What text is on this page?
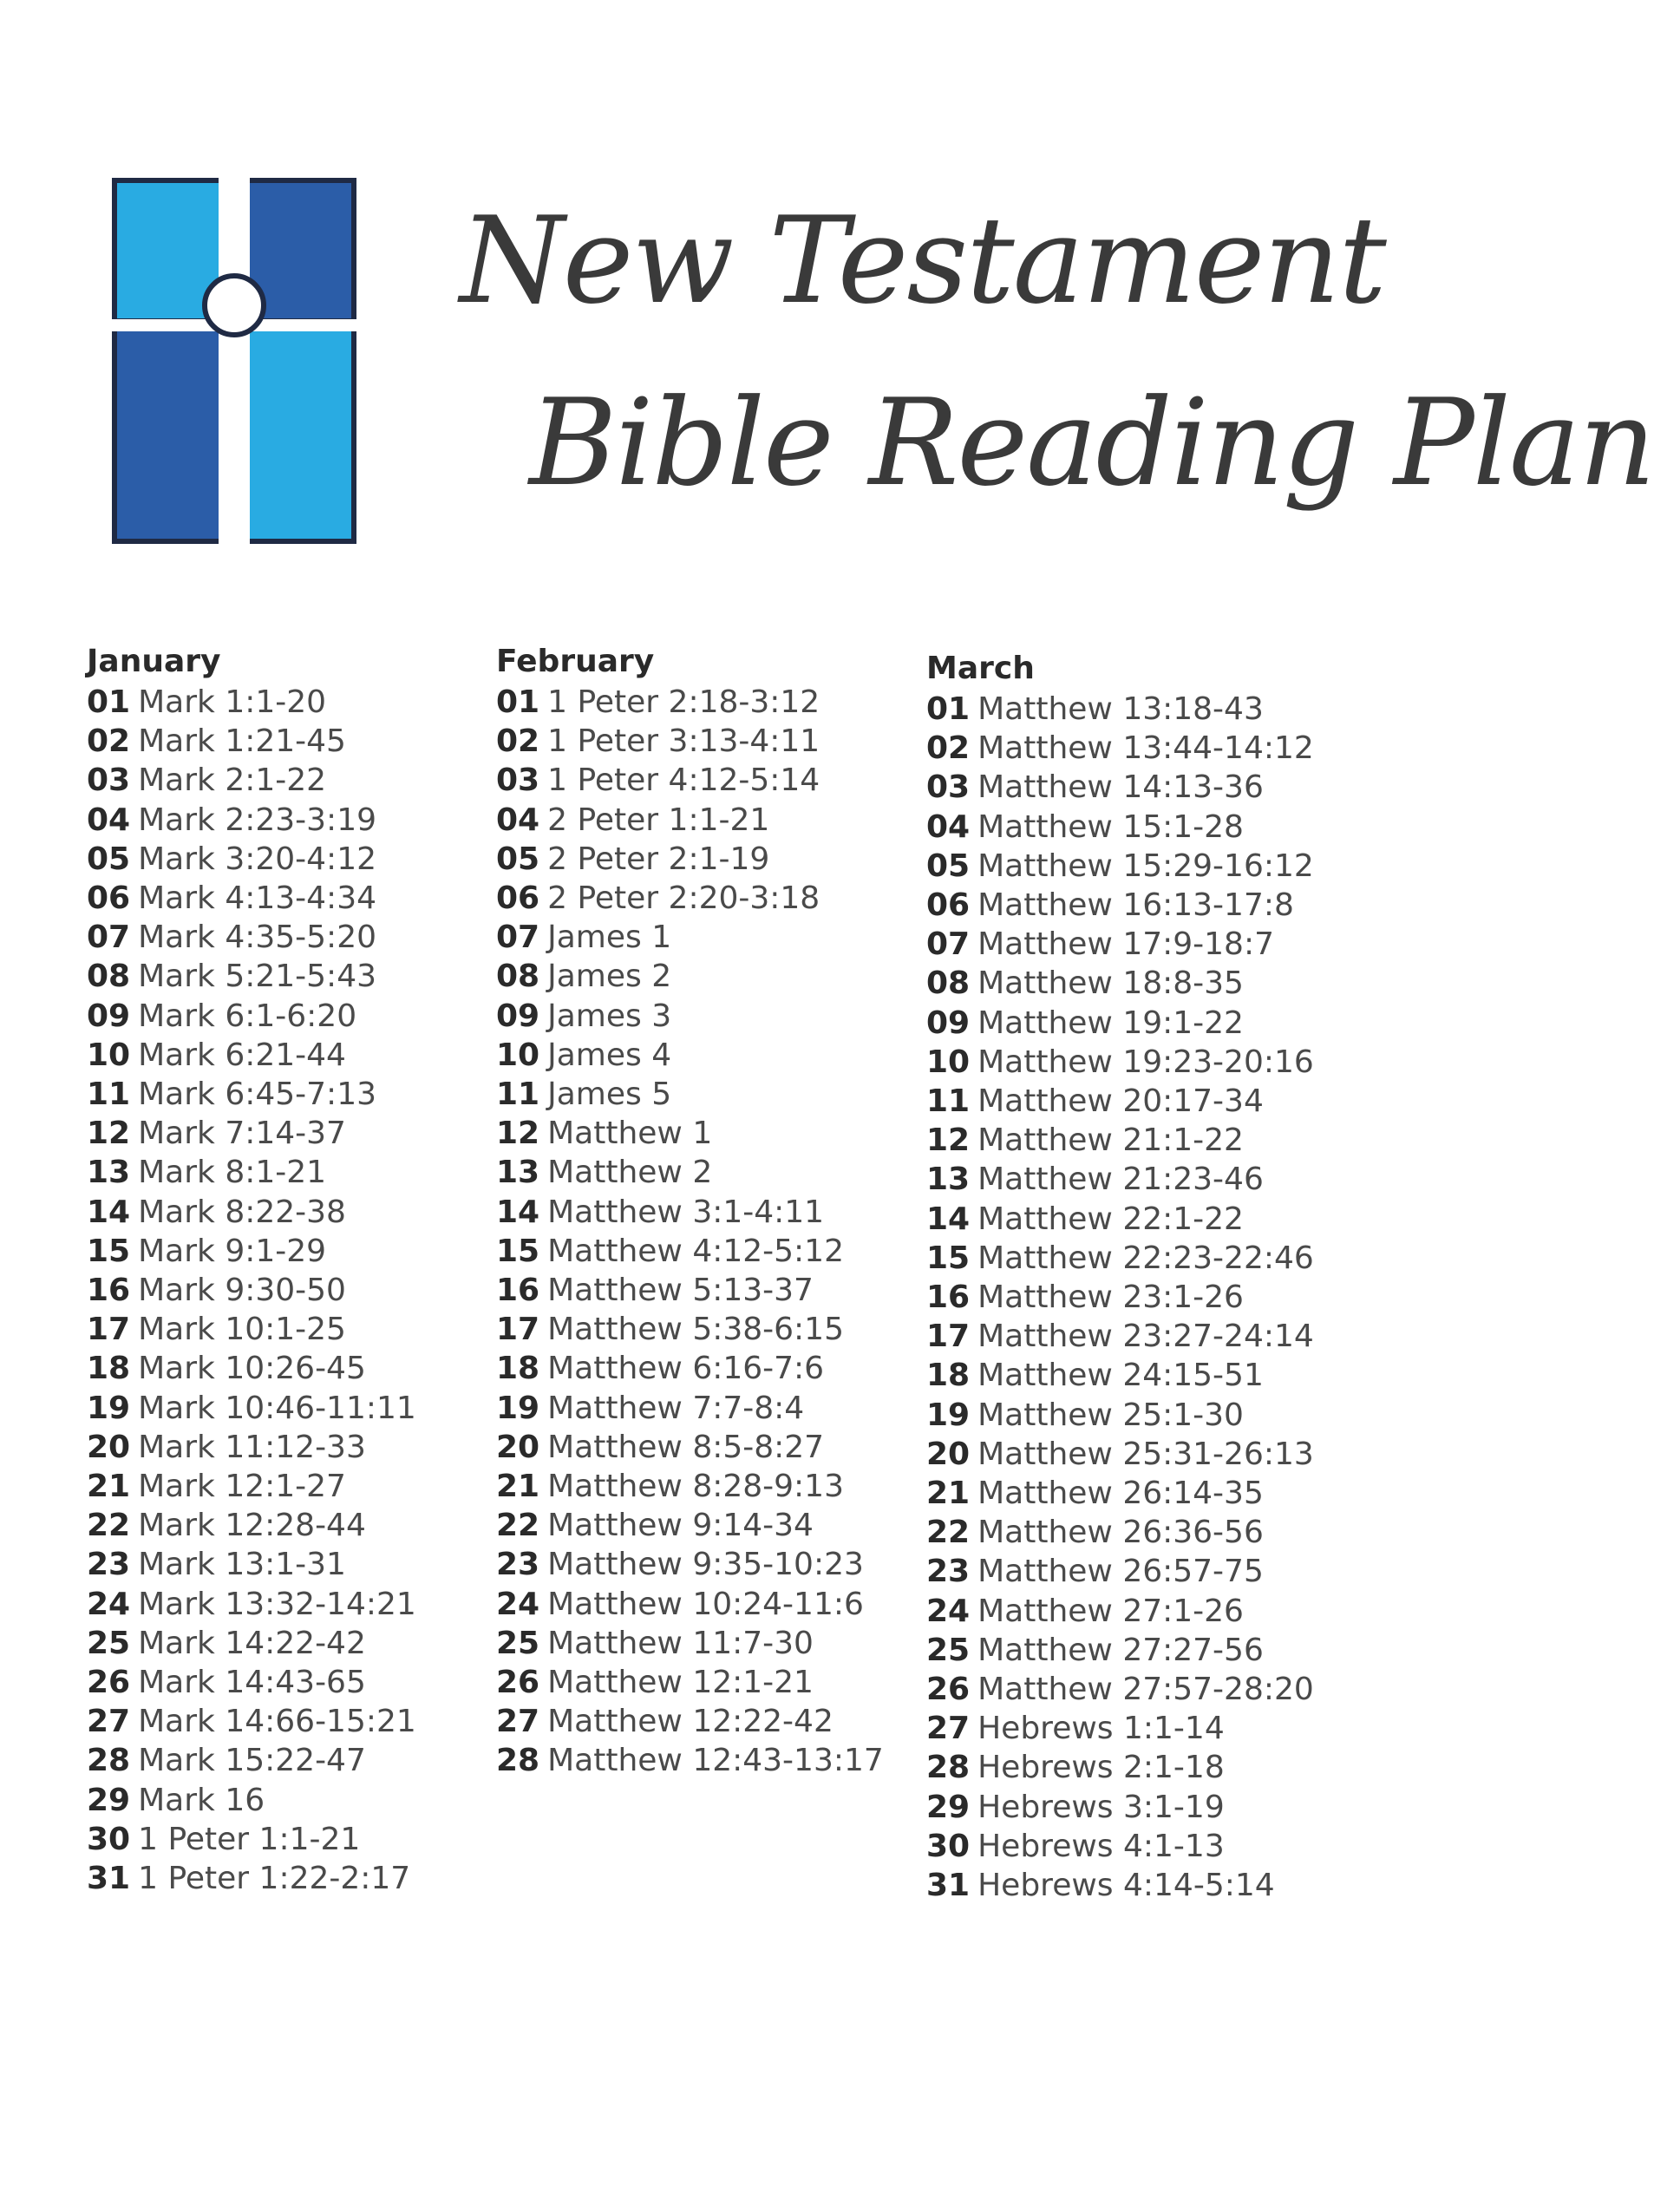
New Testament
Bible Reading Plan
January
01 Mark 1:1-20
02 Mark 1:21-45
03 Mark 2:1-22
04 Mark 2:23-3:19
05 Mark 3:20-4:12
06 Mark 4:13-4:34
07 Mark 4:35-5:20
08 Mark 5:21-5:43
09 Mark 6:1-6:20
10 Mark 6:21-44
11 Mark 6:45-7:13
12 Mark 7:14-37
13 Mark 8:1-21
14 Mark 8:22-38
15 Mark 9:1-29
16 Mark 9:30-50
17 Mark 10:1-25
18 Mark 10:26-45
19 Mark 10:46-11:11
20 Mark 11:12-33
21 Mark 12:1-27
22 Mark 12:28-44
23 Mark 13:1-31
24 Mark 13:32-14:21
25 Mark 14:22-42
26 Mark 14:43-65
27 Mark 14:66-15:21
28 Mark 15:22-47
29 Mark 16
30 1 Peter 1:1-21
31 1 Peter 1:22-2:17
February
01 1 Peter 2:18-3:12
02 1 Peter 3:13-4:11
03 1 Peter 4:12-5:14
04 2 Peter 1:1-21
05 2 Peter 2:1-19
06 2 Peter 2:20-3:18
07 James 1
08 James 2
09 James 3
10 James 4
11 James 5
12 Matthew 1
13 Matthew 2
14 Matthew 3:1-4:11
15 Matthew 4:12-5:12
16 Matthew 5:13-37
17 Matthew 5:38-6:15
18 Matthew 6:16-7:6
19 Matthew 7:7-8:4
20 Matthew 8:5-8:27
21 Matthew 8:28-9:13
22 Matthew 9:14-34
23 Matthew 9:35-10:23
24 Matthew 10:24-11:6
25 Matthew 11:7-30
26 Matthew 12:1-21
27 Matthew 12:22-42
28 Matthew 12:43-13:17
March
01 Matthew 13:18-43
02 Matthew 13:44-14:12
03 Matthew 14:13-36
04 Matthew 15:1-28
05 Matthew 15:29-16:12
06 Matthew 16:13-17:8
07 Matthew 17:9-18:7
08 Matthew 18:8-35
09 Matthew 19:1-22
10 Matthew 19:23-20:16
11 Matthew 20:17-34
12 Matthew 21:1-22
13 Matthew 21:23-46
14 Matthew 22:1-22
15 Matthew 22:23-22:46
16 Matthew 23:1-26
17 Matthew 23:27-24:14
18 Matthew 24:15-51
19 Matthew 25:1-30
20 Matthew 25:31-26:13
21 Matthew 26:14-35
22 Matthew 26:36-56
23 Matthew 26:57-75
24 Matthew 27:1-26
25 Matthew 27:27-56
26 Matthew 27:57-28:20
27 Hebrews 1:1-14
28 Hebrews 2:1-18
29 Hebrews 3:1-19
30 Hebrews 4:1-13
31 Hebrews 4:14-5:14
